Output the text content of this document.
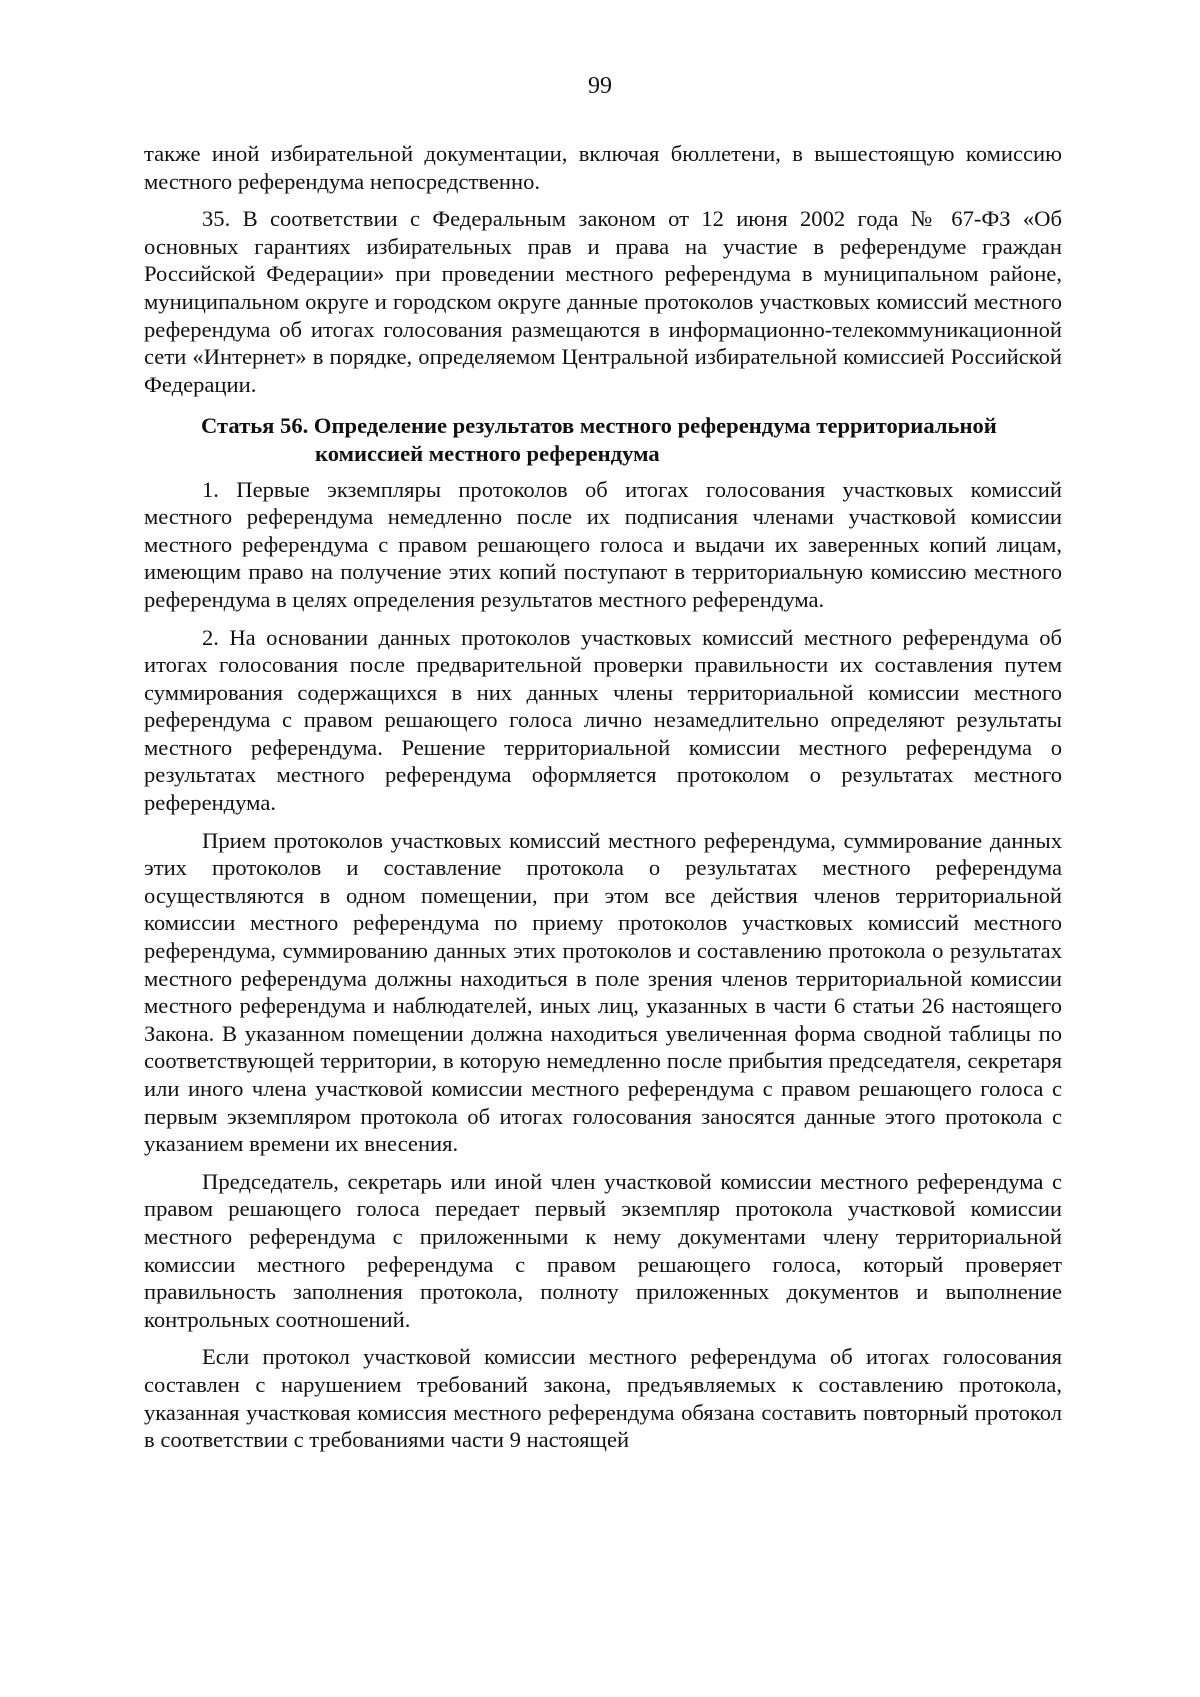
99

также иной избирательной документации, включая бюллетени, в вышестоящую комиссию местного референдума непосредственно.

35. В соответствии с Федеральным законом от 12 июня 2002 года № 67-ФЗ «Об основных гарантиях избирательных прав и права на участие в референдуме граждан Российской Федерации» при проведении местного референдума в муниципальном районе, муниципальном округе и городском округе данные протоколов участковых комиссий местного референдума об итогах голосования размещаются в информационно-телекоммуникационной сети «Интернет» в порядке, определяемом Центральной избирательной комиссией Российской Федерации.

Статья 56. Определение результатов местного референдума территориальной
комиссией местного референдума

1. Первые экземпляры протоколов об итогах голосования участковых комиссий местного референдума немедленно после их подписания членами участковой комиссии местного референдума с правом решающего голоса и выдачи их заверенных копий лицам, имеющим право на получение этих копий поступают в территориальную комиссию местного референдума в целях определения результатов местного референдума.

2. На основании данных протоколов участковых комиссий местного референдума об итогах голосования после предварительной проверки правильности их составления путем суммирования содержащихся в них данных члены территориальной комиссии местного референдума с правом решающего голоса лично незамедлительно определяют результаты местного референдума. Решение территориальной комиссии местного референдума о результатах местного референдума оформляется протоколом о результатах местного референдума.

Прием протоколов участковых комиссий местного референдума, суммирование данных этих протоколов и составление протокола о результатах местного референдума осуществляются в одном помещении, при этом все действия членов территориальной комиссии местного референдума по приему протоколов участковых комиссий местного референдума, суммированию данных этих протоколов и составлению протокола о результатах местного референдума должны находиться в поле зрения членов территориальной комиссии местного референдума и наблюдателей, иных лиц, указанных в части 6 статьи 26 настоящего Закона. В указанном помещении должна находиться увеличенная форма сводной таблицы по соответствующей территории, в которую немедленно после прибытия председателя, секретаря или иного члена участковой комиссии местного референдума с правом решающего голоса с первым экземпляром протокола об итогах голосования заносятся данные этого протокола с указанием времени их внесения.

Председатель, секретарь или иной член участковой комиссии местного референдума с правом решающего голоса передает первый экземпляр протокола участковой комиссии местного референдума с приложенными к нему документами члену территориальной комиссии местного референдума с правом решающего голоса, который проверяет правильность заполнения протокола, полноту приложенных документов и выполнение контрольных соотношений.

Если протокол участковой комиссии местного референдума об итогах голосования составлен с нарушением требований закона, предъявляемых к составлению протокола, указанная участковая комиссия местного референдума обязана составить повторный протокол в соответствии с требованиями части 9 настоящей
